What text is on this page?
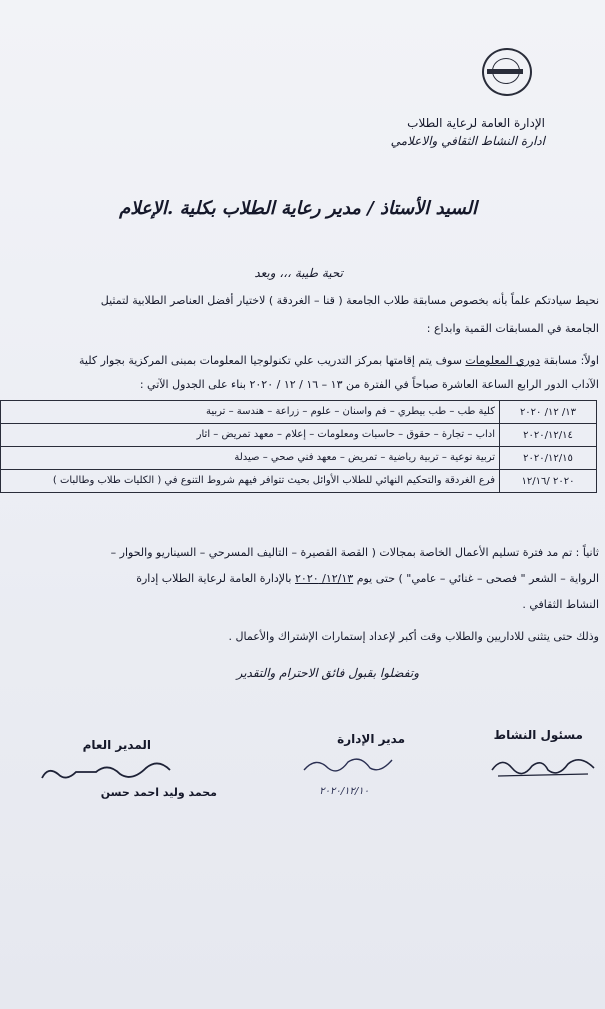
الإدارة العامة لرعاية الطلاب
ادارة النشاط الثقافي والاعلامي
السيد الأستاذ / مدير رعاية الطلاب بكلية .الإعلام
تحية طيبة ،،، وبعد
نحيط سيادتكم علماً بأنه بخصوص مسابقة طلاب الجامعة ( قنا – الغردقة ) لاختيار أفضل العناصر الطلابية لتمثيل
الجامعة في المسابقات القمية وابداع :
اولاً: مسابقة دوري المعلومات سوف يتم إقامتها بمركز التدريب علي تكنولوجيا المعلومات بمبنى المركزية بجوار كلية
الآداب الدور الرابع الساعة العاشرة صباحاً في الفترة من ١٣ – ١٦ / ١٢ / ٢٠٢٠ بناء على الجدول الآتي :
١٣/ ١٢/ ٢٠٢٠	كلية طب – طب بيطري – فم واسنان – علوم – زراعة – هندسة – تربية
٢٠٢٠/١٢/١٤	اداب – تجارة – حقوق – حاسبات ومعلومات – إعلام – معهد تمريض – اثار
٢٠٢٠/١٢/١٥	تربية نوعية – تربية رياضية – تمريض – معهد فني صحي – صيدلة
٢٠٢٠ /١٢/١٦	فرع الغردقة والتحكيم النهائي للطلاب الأوائل بحيث تتوافر فيهم شروط التنوع في ( الكليات طلاب وطالبات )
ثانياً : تم مد فترة تسليم الأعمال الخاصة بمجالات ( القصة القصيرة – التاليف المسرحي – السيناريو والحوار –
الرواية – الشعر " فصحى – غنائي – عامي" ) حتى يوم ١٢/١٣/ ٢٠٢٠ بالإدارة العامة لرعاية الطلاب إدارة
النشاط الثقافي .
وذلك حتى يتثنى للاداريين والطلاب وقت أكبر لإعداد إستمارات الإشتراك والأعمال .
وتفضلوا بقبول فائق الاحترام والتقدير
مسئول النشاط
مدير الإدارة
٢٠٢٠/١٢/١٠
المدير العام
محمد وليد احمد حسن
